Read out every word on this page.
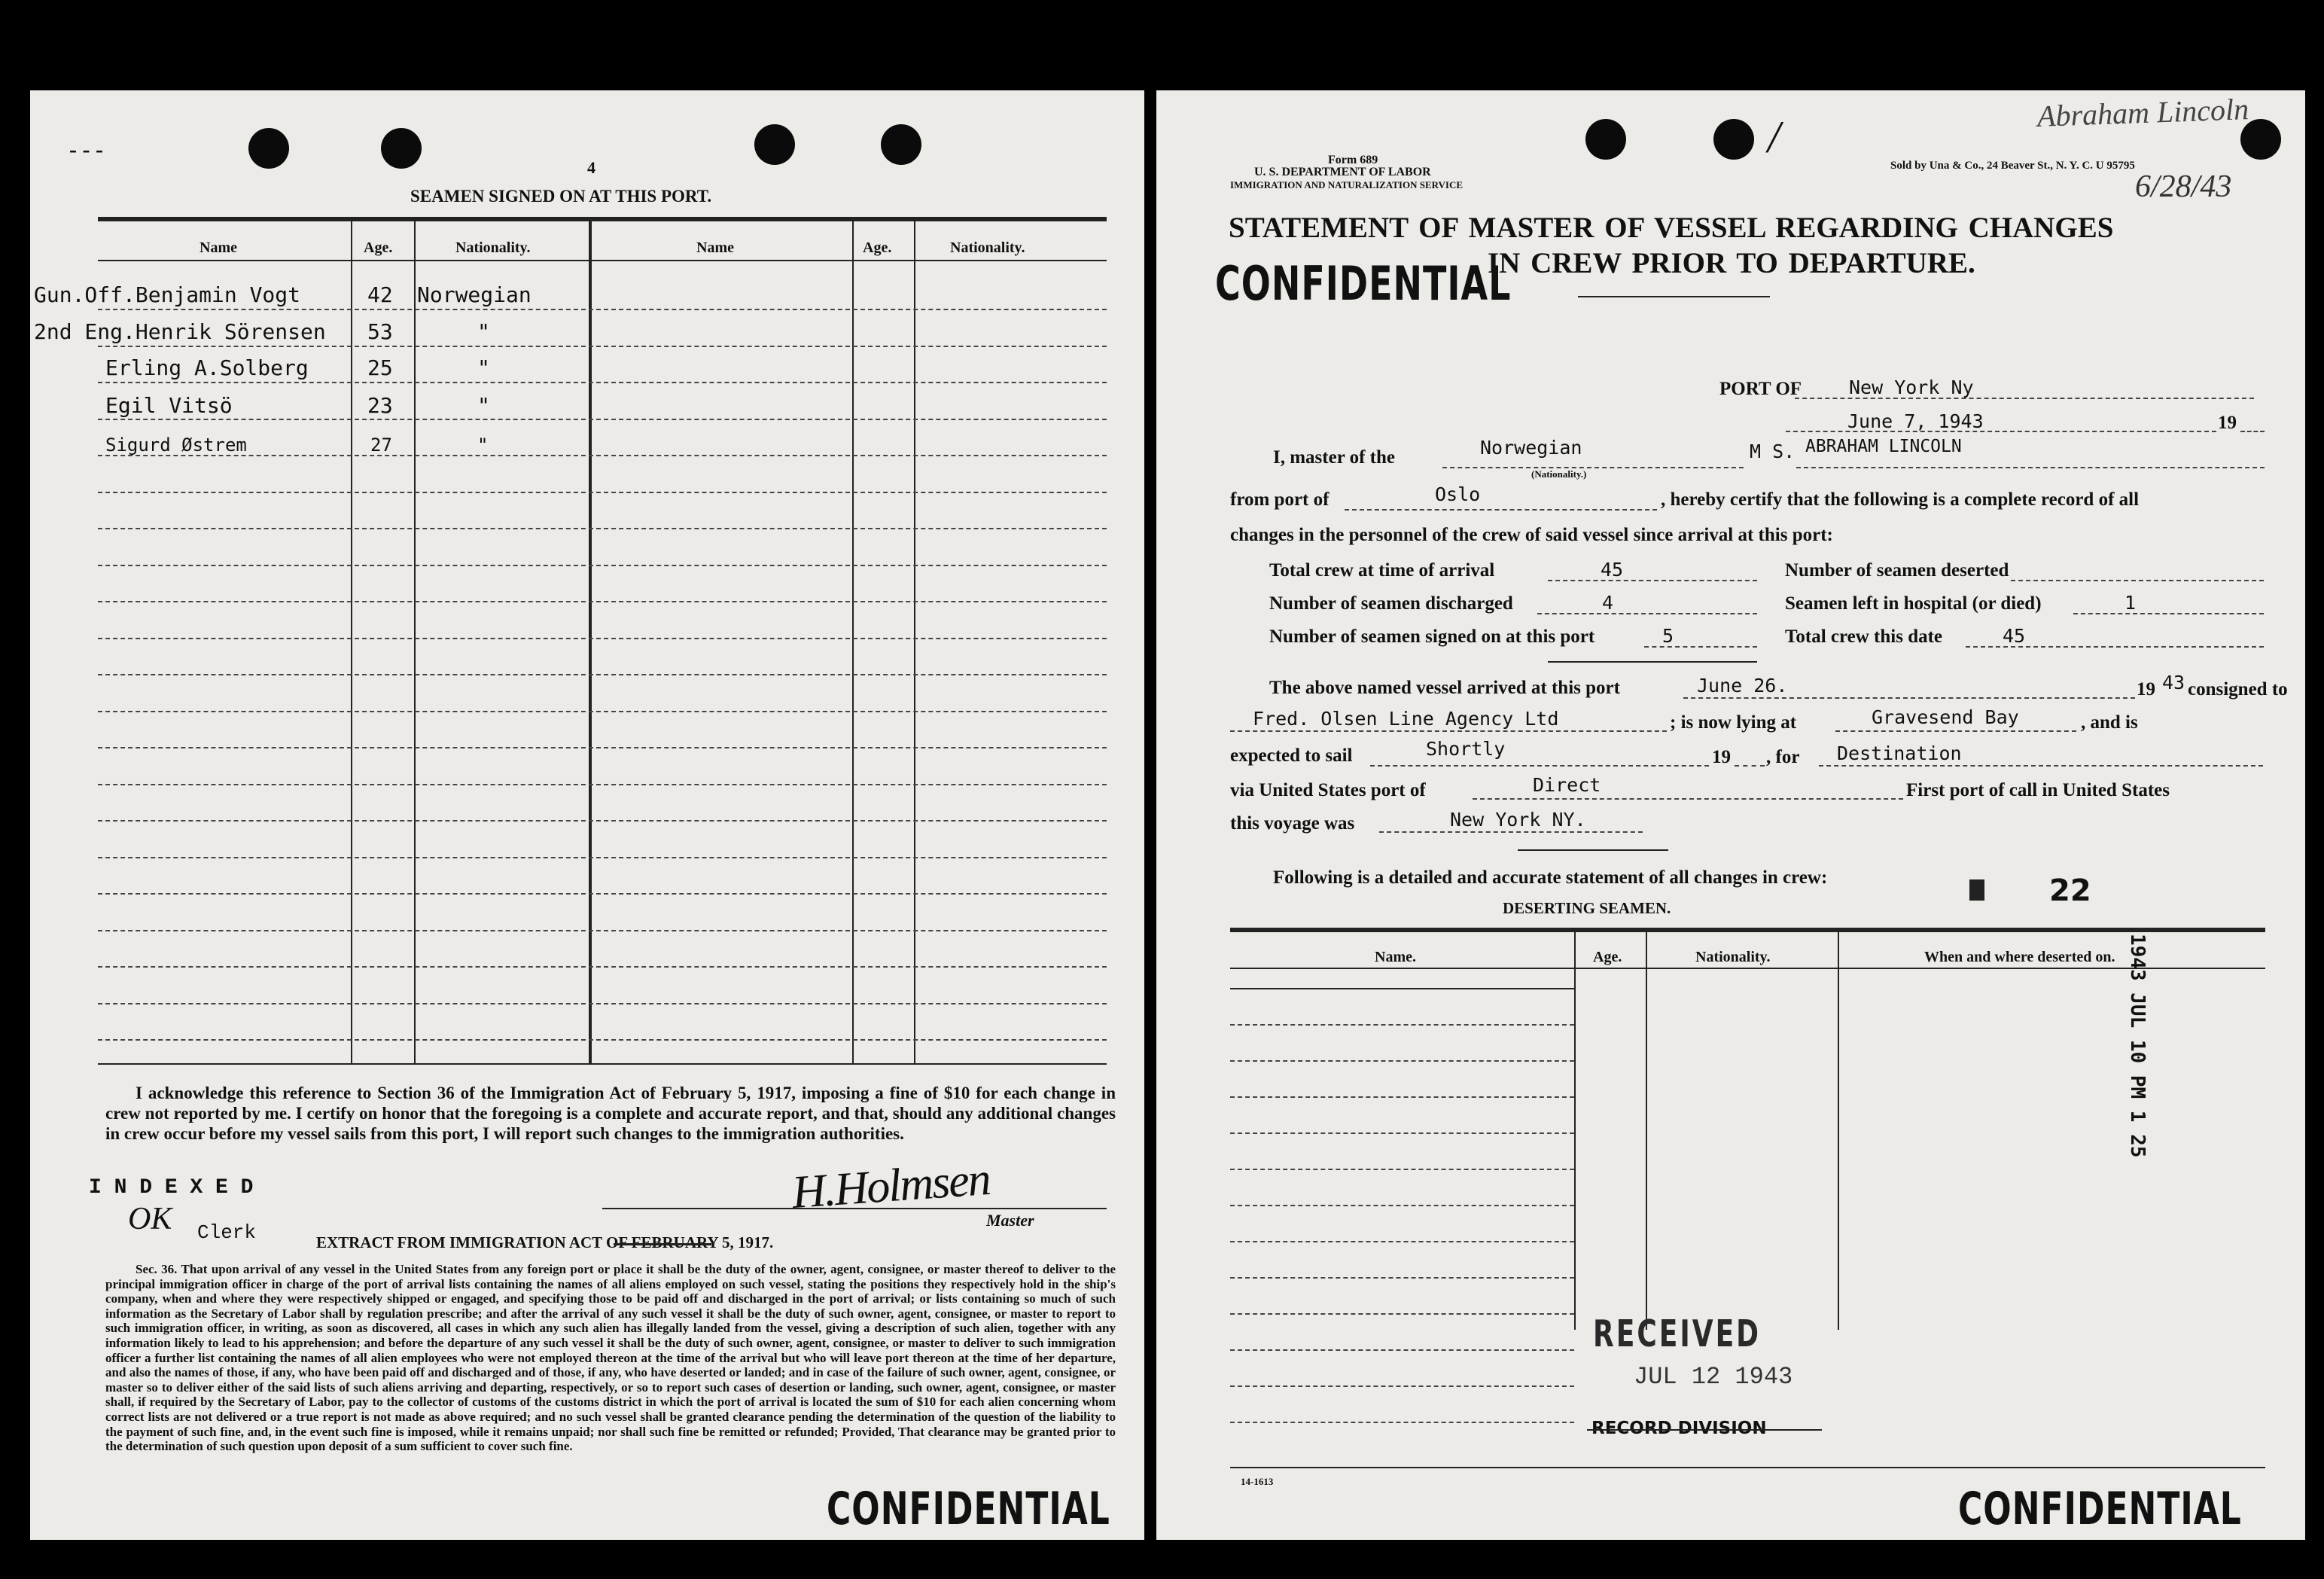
- - -
4
SEAMEN SIGNED ON AT THIS PORT.
Name	Age.	Nationality.	Name	Age.	Nationality.
Gun.Off.Benjamin Vogt	42 Norwegian
2nd Eng.Henrik Sörensen 53	"
Erling A.Solberg	25	"
Egil Vitsö	23	"
Sigurd Østrem	27	"
I acknowledge this reference to Section 36 of the Immigration Act of February 5, 1917, imposing a fine of $10 for each change in crew not reported by me. I certify on honor that the foregoing is a complete and accurate report, and that, should any additional changes in crew occur before my vessel sails from this port, I will report such changes to the immigration authorities.
I N D E X E D
OK Clerk
H.Holmsen
Master
EXTRACT FROM IMMIGRATION ACT OF FEBRUARY 5, 1917.
Sec. 36. That upon arrival of any vessel in the United States from any foreign port or place it shall be the duty of the owner, agent, consignee, or master thereof to deliver to the principal immigration officer in charge of the port of arrival lists containing the names of all aliens employed on such vessel, stating the positions they respectively hold in the ship's company, when and where they were respectively shipped or engaged, and specifying those to be paid off and discharged in the port of arrival; or lists containing so much of such information as the Secretary of Labor shall by regulation prescribe; and after the arrival of any such vessel it shall be the duty of such owner, agent, consignee, or master to report to such immigration officer, in writing, as soon as discovered, all cases in which any such alien has illegally landed from the vessel, giving a description of such alien, together with any information likely to lead to his apprehension; and before the departure of any such vessel it shall be the duty of such owner, agent, consignee, or master to deliver to such immigration officer a further list containing the names of all alien employees who were not employed thereon at the time of the arrival but who will leave port thereon at the time of her departure, and also the names of those, if any, who have been paid off and discharged and of those, if any, who have deserted or landed; and in case of the failure of such owner, agent, consignee, or master so to deliver either of the said lists of such aliens arriving and departing, respectively, or so to report such cases of desertion or landing, such owner, agent, consignee, or master shall, if required by the Secretary of Labor, pay to the collector of customs of the customs district in which the port of arrival is located the sum of $10 for each alien concerning whom correct lists are not delivered or a true report is not made as above required; and no such vessel shall be granted clearance pending the determination of the question of the liability to the payment of such fine, and, in the event such fine is imposed, while it remains unpaid; nor shall such fine be remitted or refunded; Provided, That clearance may be granted prior to the determination of such question upon deposit of a sum sufficient to cover such fine.
CONFIDENTIAL
/	Abraham Lincoln
6/28/43
Form 689
U. S. DEPARTMENT OF LABOR
IMMIGRATION AND NATURALIZATION SERVICE
Sold by Una & Co., 24 Beaver St., N. Y. C. U 95795
STATEMENT OF MASTER OF VESSEL REGARDING CHANGES
IN CREW PRIOR TO DEPARTURE.
CONFIDENTIAL
PORT OF	New York Ny
June 7, 1943	19
I, master of the	Norwegian
(Nationality.)
M S. ABRAHAM LINCOLN
from port of	Oslo	, hereby certify that the following is a complete record of all
changes in the personnel of the crew of said vessel since arrival at this port:
Total crew at time of arrival	45	Number of seamen deserted
Number of seamen discharged	4	Seamen left in hospital (or died)	1
Number of seamen signed on at this port	5	Total crew this date	45
The above named vessel arrived at this port	June 26.	19 43 consigned to
Fred. Olsen Line Agency Ltd	; is now lying at	Gravesend Bay	, and is
expected to sail	Shortly	19 , for Destination
via United States port of	Direct	First port of call in United States
this voyage was	New York NY.
Following is a detailed and accurate statement of all changes in crew:
DESERTING SEAMEN.	22
Name.	Age.	Nationality.	When and where deserted on. 1943 JUL 10 PM 1 25
RECEIVED
JUL 12 1943
RECORD DIVISION
14-1613
CONFIDENTIAL
